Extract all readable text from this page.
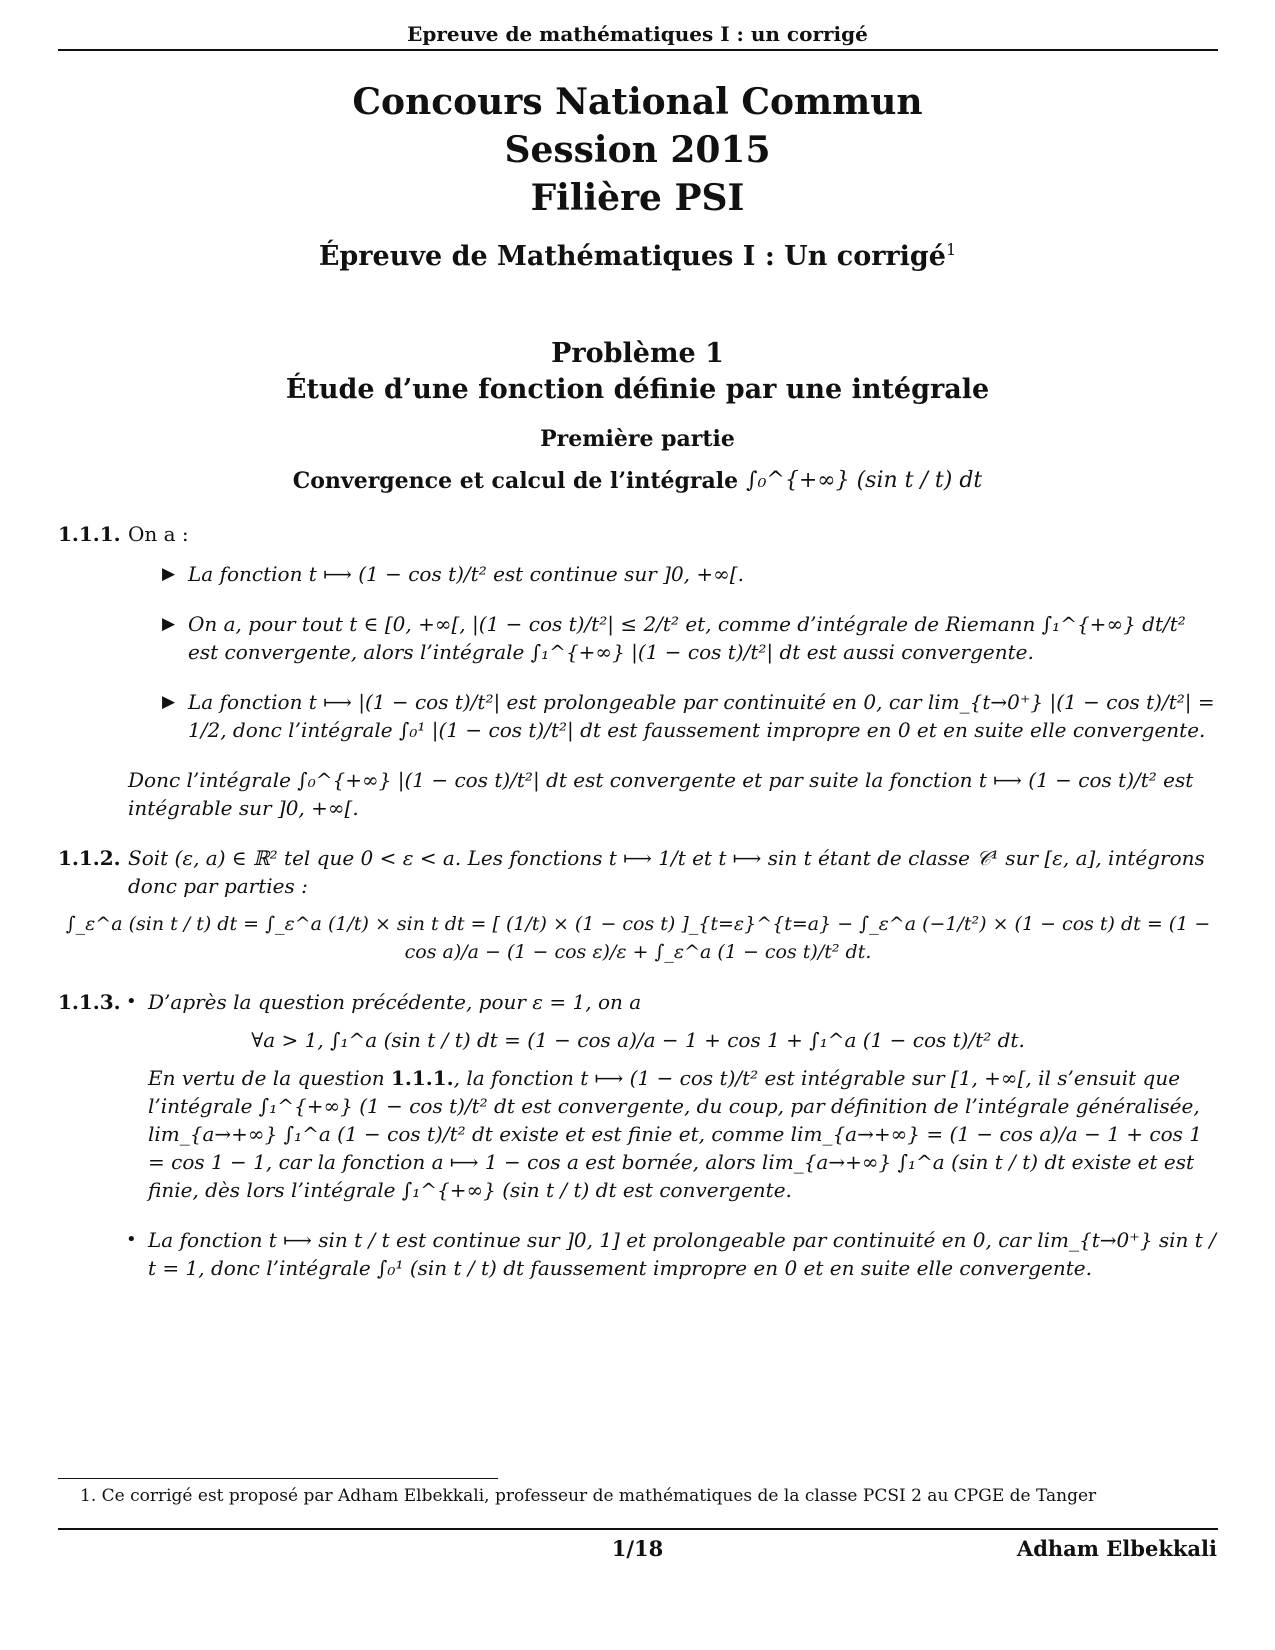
Epreuve de mathématiques I : un corrigé
Concours National Commun
Session 2015
Filière PSI
Épreuve de Mathématiques I : Un corrigé$^1$
Problème 1
Étude d’une fonction définie par une intégrale
Première partie
Convergence et calcul de l’intégrale ∫₀^{+∞} (sin t / t) dt
1.1.1. On a :
▶ La fonction t ⟼ (1 − cos t)/t² est continue sur ]0, +∞[.
▶ On a, pour tout t ∈ [0, +∞[, |(1 − cos t)/t²| ≤ 2/t² et, comme d’intégrale de Riemann ∫₁^{+∞} dt/t² est convergente, alors l’intégrale ∫₁^{+∞} |(1 − cos t)/t²| dt est aussi convergente.
▶ La fonction t ⟼ |(1 − cos t)/t²| est prolongeable par continuité en 0, car lim_{t→0⁺} |(1 − cos t)/t²| = 1/2, donc l’intégrale ∫₀¹ |(1 − cos t)/t²| dt est faussement impropre en 0 et en suite elle convergente.
Donc l’intégrale ∫₀^{+∞} |(1 − cos t)/t²| dt est convergente et par suite la fonction t ⟼ (1 − cos t)/t² est intégrable sur ]0, +∞[.
1.1.2. Soit (ε, a) ∈ ℝ² tel que 0 < ε < a. Les fonctions t ⟼ 1/t et t ⟼ sin t étant de classe 𝒞¹ sur [ε, a], intégrons donc par parties :
∫_ε^a (sin t / t) dt = ∫_ε^a (1/t) × sin t dt = [ (1/t) × (1 − cos t) ]_{t=ε}^{t=a} − ∫_ε^a (−1/t²) × (1 − cos t) dt = (1 − cos a)/a − (1 − cos ε)/ε + ∫_ε^a (1 − cos t)/t² dt.
1.1.3. • D’après la question précédente, pour ε = 1, on a
∀a > 1, ∫₁^a (sin t / t) dt = (1 − cos a)/a − 1 + cos 1 + ∫₁^a (1 − cos t)/t² dt.
En vertu de la question 1.1.1., la fonction t ⟼ (1 − cos t)/t² est intégrable sur [1, +∞[, il s’ensuit que l’intégrale ∫₁^{+∞} (1 − cos t)/t² dt est convergente, du coup, par définition de l’intégrale généralisée, lim_{a→+∞} ∫₁^a (1 − cos t)/t² dt existe et est finie et, comme lim_{a→+∞} = (1 − cos a)/a − 1 + cos 1 = cos 1 − 1, car la fonction a ⟼ 1 − cos a est bornée, alors lim_{a→+∞} ∫₁^a (sin t / t) dt existe et est finie, dès lors l’intégrale ∫₁^{+∞} (sin t / t) dt est convergente.
• La fonction t ⟼ sin t / t est continue sur ]0, 1] et prolongeable par continuité en 0, car lim_{t→0⁺} sin t / t = 1, donc l’intégrale ∫₀¹ (sin t / t) dt faussement impropre en 0 et en suite elle convergente.
1. Ce corrigé est proposé par Adham Elbekkali, professeur de mathématiques de la classe PCSI 2 au CPGE de Tanger
1/18	Adham Elbekkali
